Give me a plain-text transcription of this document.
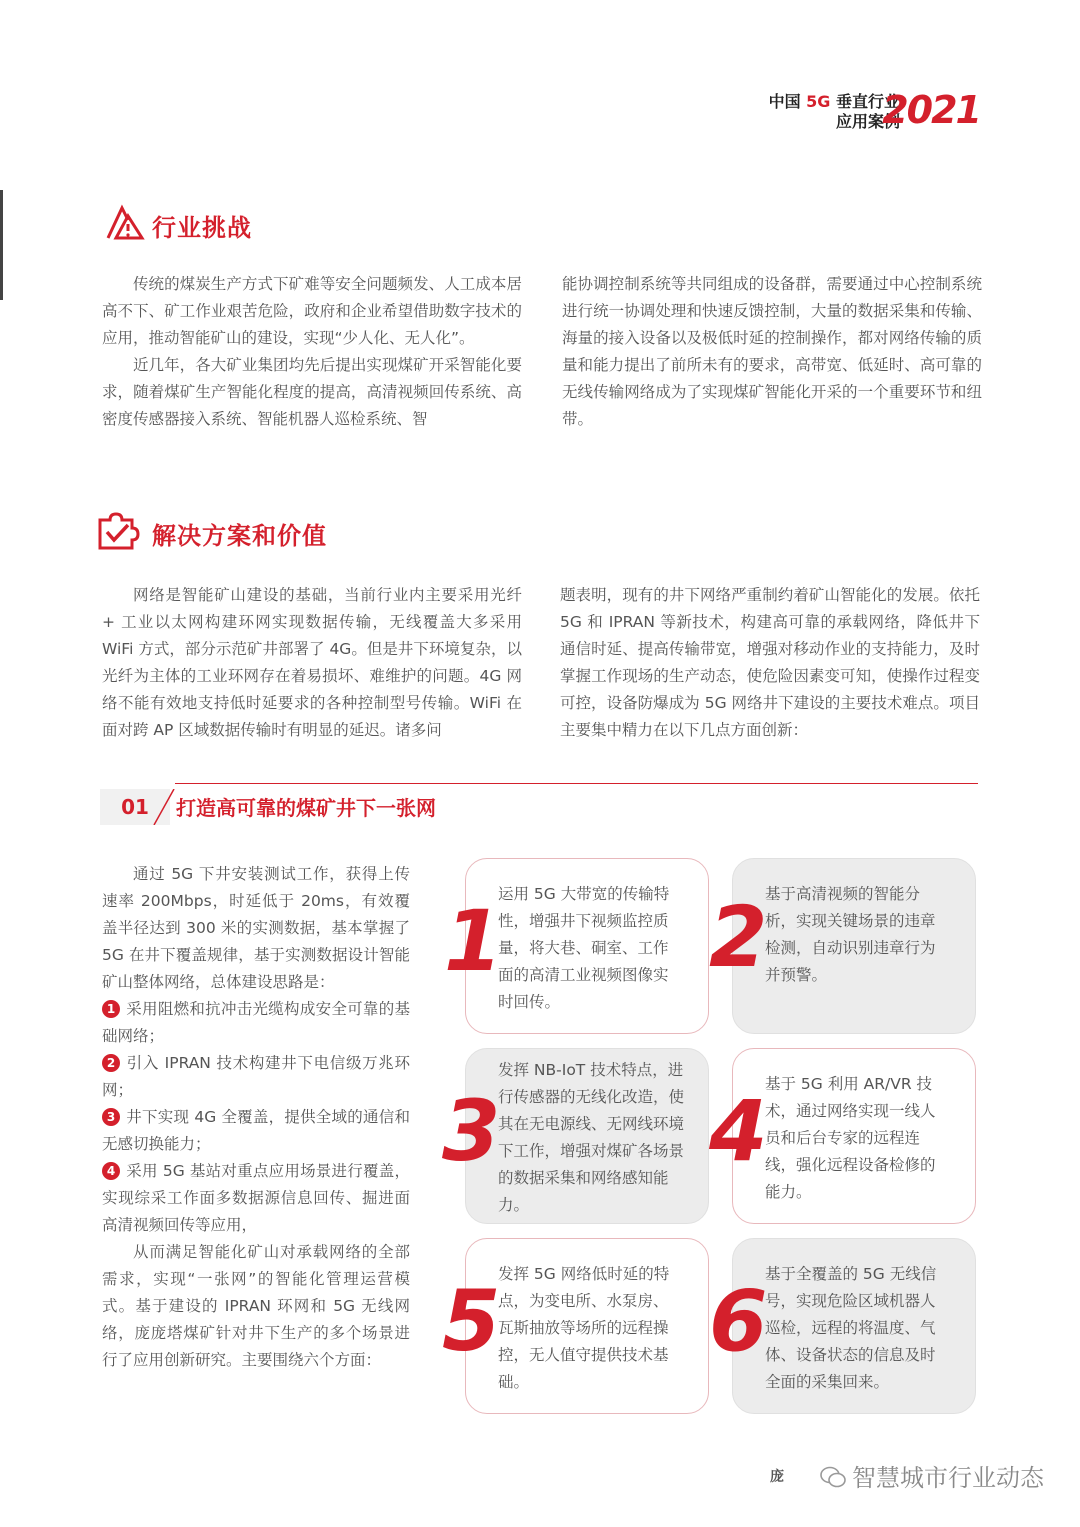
中国 5G 垂直行业
应用案例
2021
行业挑战

传统的煤炭生产方式下矿难等安全问题频发、人工成本居高不下、矿工作业艰苦危险，政府和企业希望借助数字技术的应用，推动智能矿山的建设，实现“少人化、无人化”。

近几年，各大矿业集团均先后提出实现煤矿开采智能化要求，随着煤矿生产智能化程度的提高，高清视频回传系统、高密度传感器接入系统、智能机器人巡检系统、智

能协调控制系统等共同组成的设备群，需要通过中心控制系统进行统一协调处理和快速反馈控制，大量的数据采集和传输、海量的接入设备以及极低时延的控制操作，都对网络传输的质量和能力提出了前所未有的要求，高带宽、低延时、高可靠的无线传输网络成为了实现煤矿智能化开采的一个重要环节和纽带。

解决方案和价值

网络是智能矿山建设的基础，当前行业内主要采用光纤 + 工业以太网构建环网实现数据传输，无线覆盖大多采用 WiFi 方式，部分示范矿井部署了 4G。但是井下环境复杂，以光纤为主体的工业环网存在着易损坏、难维护的问题。4G 网络不能有效地支持低时延要求的各种控制型号传输。WiFi 在面对跨 AP 区域数据传输时有明显的延迟。诸多问

题表明，现有的井下网络严重制约着矿山智能化的发展。依托 5G 和 IPRAN 等新技术，构建高可靠的承载网络，降低井下通信时延、提高传输带宽，增强对移动作业的支持能力，及时掌握工作现场的生产动态，使危险因素变可知，使操作过程变可控，设备防爆成为 5G 网络井下建设的主要技术难点。项目主要集中精力在以下几点方面创新：

01	打造高可靠的煤矿井下一张网

通过 5G 下井安装测试工作，获得上传速率 200Mbps，时延低于 20ms，有效覆盖半径达到 300 米的实测数据，基本掌握了 5G 在井下覆盖规律，基于实测数据设计智能矿山整体网络，总体建设思路是：

1 采用阻燃和抗冲击光缆构成安全可靠的基础网络；

2 引入 IPRAN 技术构建井下电信级万兆环网；

3 井下实现 4G 全覆盖，提供全域的通信和无感切换能力；

4 采用 5G 基站对重点应用场景进行覆盖，实现综采工作面多数据源信息回传、掘进面高清视频回传等应用，

从而满足智能化矿山对承载网络的全部需求，实现“一张网”的智能化管理运营模式。基于建设的 IPRAN 环网和 5G 无线网络，庞庞塔煤矿针对井下生产的多个场景进行了应用创新研究。主要围绕六个方面：

1
运用 5G 大带宽的传输特性，增强井下视频监控质量，将大巷、硐室、工作面的高清工业视频图像实时回传。
2
基于高清视频的智能分析，实现关键场景的违章检测，自动识别违章行为并预警。
3
发挥 NB-IoT 技术特点，进行传感器的无线化改造，使其在无电源线、无网线环境下工作，增强对煤矿各场景的数据采集和网络感知能力。
4
基于 5G 利用 AR/VR 技术，通过网络实现一线人员和后台专家的远程连线，强化远程设备检修的能力。
5
发挥 5G 网络低时延的特点，为变电所、水泵房、瓦斯抽放等场所的远程操控，无人值守提供技术基础。
6
基于全覆盖的 5G 无线信号，实现危险区域机器人巡检，远程的将温度、气体、设备状态的信息及时全面的采集回来。
庞	智慧城市行业动态
